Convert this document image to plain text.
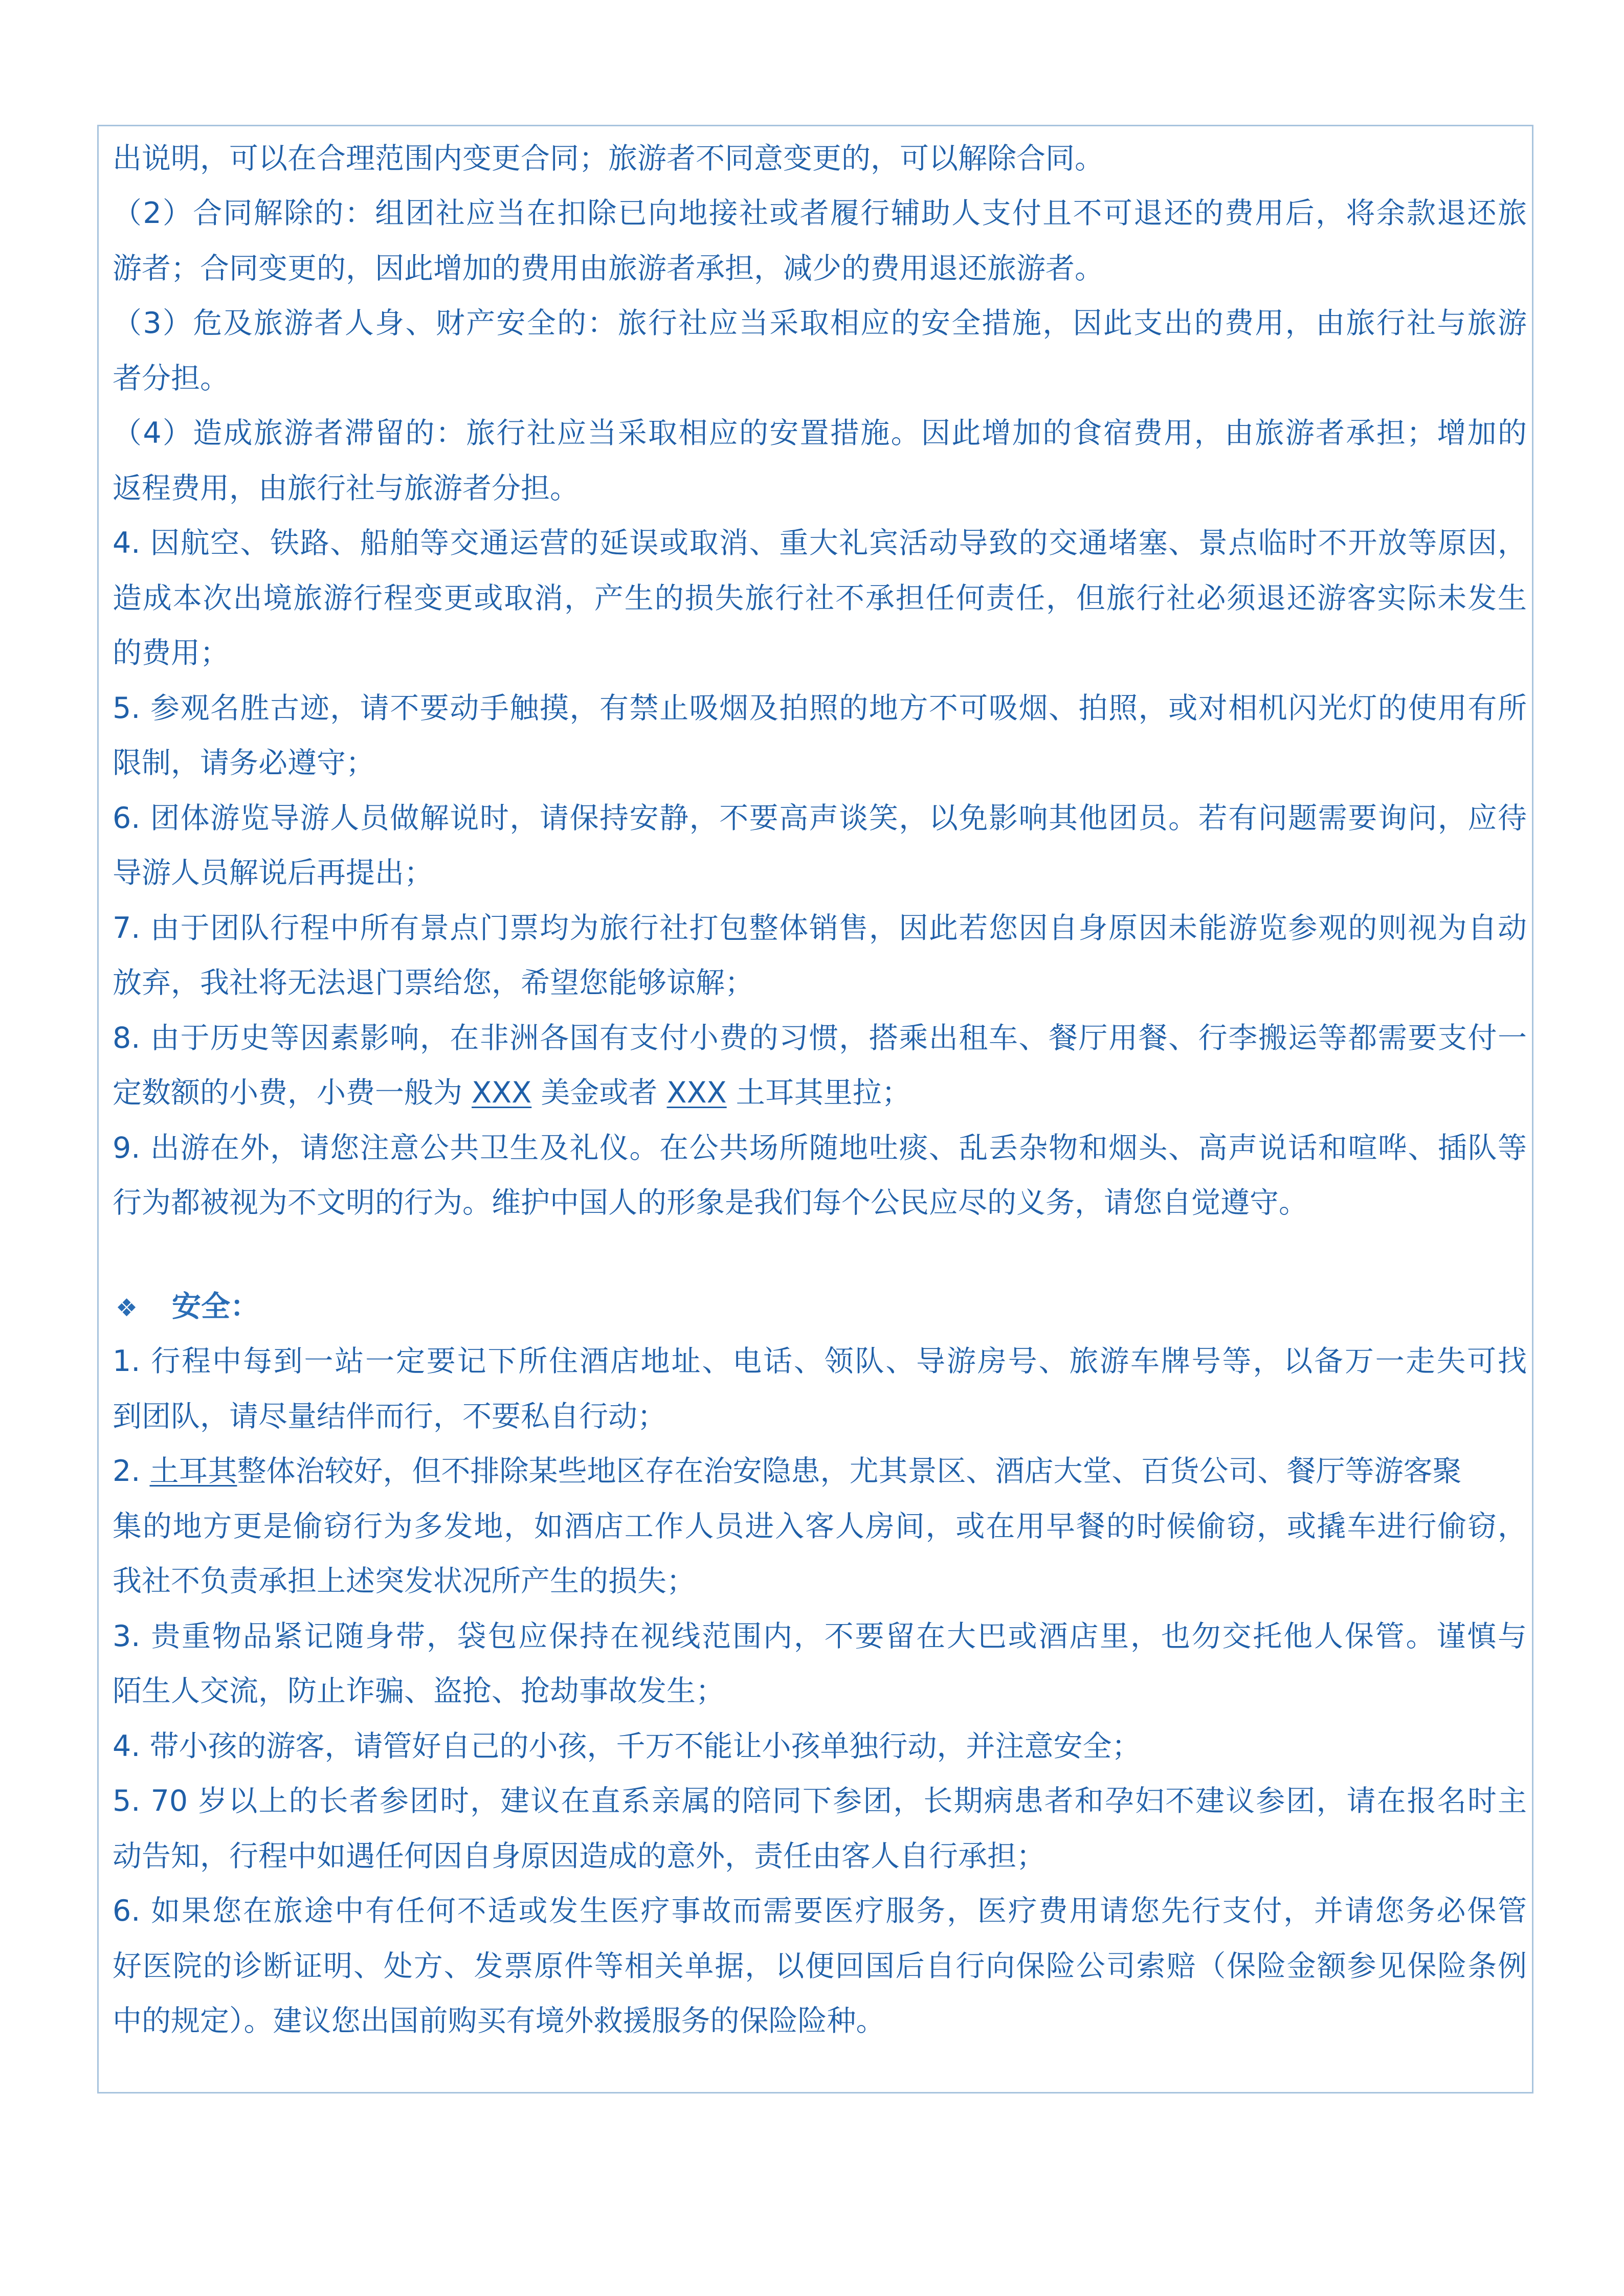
出说明，可以在合理范围内变更合同；旅游者不同意变更的，可以解除合同。
（2）合同解除的：组团社应当在扣除已向地接社或者履行辅助人支付且不可退还的费用后，将余款退还旅
游者；合同变更的，因此增加的费用由旅游者承担，减少的费用退还旅游者。
（3）危及旅游者人身、财产安全的：旅行社应当采取相应的安全措施，因此支出的费用，由旅行社与旅游
者分担。
（4）造成旅游者滞留的：旅行社应当采取相应的安置措施。因此增加的食宿费用，由旅游者承担；增加的
返程费用，由旅行社与旅游者分担。
4. 因航空、铁路、船舶等交通运营的延误或取消、重大礼宾活动导致的交通堵塞、景点临时不开放等原因，
造成本次出境旅游行程变更或取消，产生的损失旅行社不承担任何责任，但旅行社必须退还游客实际未发生
的费用；
5. 参观名胜古迹，请不要动手触摸，有禁止吸烟及拍照的地方不可吸烟、拍照，或对相机闪光灯的使用有所
限制，请务必遵守；
6. 团体游览导游人员做解说时，请保持安静，不要高声谈笑，以免影响其他团员。若有问题需要询问，应待
导游人员解说后再提出；
7. 由于团队行程中所有景点门票均为旅行社打包整体销售，因此若您因自身原因未能游览参观的则视为自动
放弃，我社将无法退门票给您，希望您能够谅解；
8. 由于历史等因素影响，在非洲各国有支付小费的习惯，搭乘出租车、餐厅用餐、行李搬运等都需要支付一
定数额的小费，小费一般为 XXX 美金或者 XXX 土耳其里拉；
9. 出游在外，请您注意公共卫生及礼仪。在公共场所随地吐痰、乱丢杂物和烟头、高声说话和喧哗、插队等
行为都被视为不文明的行为。维护中国人的形象是我们每个公民应尽的义务，请您自觉遵守。
❖ 安全：
1. 行程中每到一站一定要记下所住酒店地址、电话、领队、导游房号、旅游车牌号等，以备万一走失可找
到团队，请尽量结伴而行，不要私自行动；
2. 土耳其整体治较好，但不排除某些地区存在治安隐患，尤其景区、酒店大堂、百货公司、餐厅等游客聚
集的地方更是偷窃行为多发地，如酒店工作人员进入客人房间，或在用早餐的时候偷窃，或撬车进行偷窃，
我社不负责承担上述突发状况所产生的损失；
3. 贵重物品紧记随身带，袋包应保持在视线范围内，不要留在大巴或酒店里，也勿交托他人保管。谨慎与
陌生人交流，防止诈骗、盗抢、抢劫事故发生；
4. 带小孩的游客，请管好自己的小孩，千万不能让小孩单独行动，并注意安全；
5. 70 岁以上的长者参团时，建议在直系亲属的陪同下参团，长期病患者和孕妇不建议参团，请在报名时主
动告知，行程中如遇任何因自身原因造成的意外，责任由客人自行承担；
6. 如果您在旅途中有任何不适或发生医疗事故而需要医疗服务，医疗费用请您先行支付，并请您务必保管
好医院的诊断证明、处方、发票原件等相关单据，以便回国后自行向保险公司索赔（保险金额参见保险条例
中的规定）。建议您出国前购买有境外救援服务的保险险种。
